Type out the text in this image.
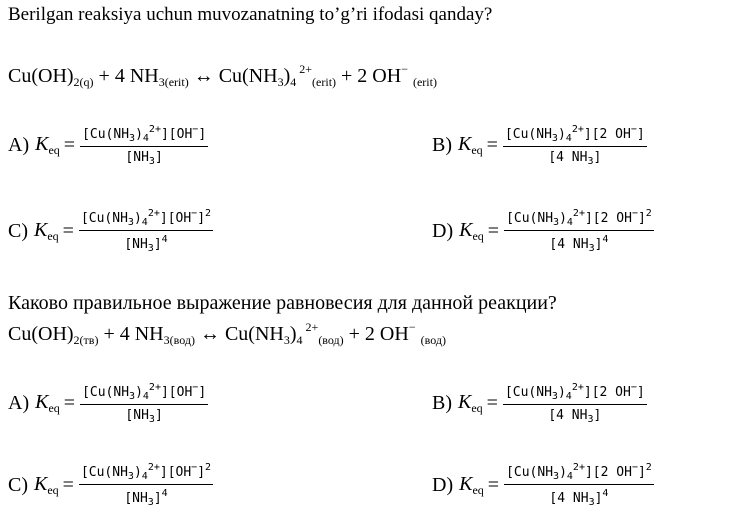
Berilgan reaksiya uchun muvozanatning to’g’ri ifodasi qanday?
$Cu(OH)_{2(q)} + 4$ $NH_{3(erit)}$ ↔ $Cu(NH_3)_4$ $^{2+}_{(erit)}$ + 2 OH− $_{(erit)}$
A) $K_{eq} = \frac{[Cu(NH_3)_4^{2+}][OH^-]}{[NH_3]}$	B) $K_{eq} = \frac{[Cu(NH_3)_4^{2+}][2 OH^-]}{[4 NH_3]}$
C) $K_{eq} = \frac{[Cu(NH_3)_4^{2+}][OH^-]^2}{[NH_3]^4}$	D) $K_{eq} = \frac{[Cu(NH_3)_4^{2+}][2 OH^-]^2}{[4 NH_3]^4}$
Каково правильное выражение равновесия для данной реакции?
$Cu(OH)_{2(тв)} + 4$ $NH_{3(вод)}$ ↔ $Cu(NH_3)_4$ $^{2+}_{(вод)}$ + 2 OH− $_{(вод)}$
A) $K_{eq} = \frac{[Cu(NH_3)_4^{2+}][OH^-]}{[NH_3]}$	B) $K_{eq} = \frac{[Cu(NH_3)_4^{2+}][2 OH^-]}{[4 NH_3]}$
C) $K_{eq} = \frac{[Cu(NH_3)_4^{2+}][OH^-]^2}{[NH_3]^4}$	D) $K_{eq} = \frac{[Cu(NH_3)_4^{2+}][2 OH^-]^2}{[4 NH_3]^4}$
